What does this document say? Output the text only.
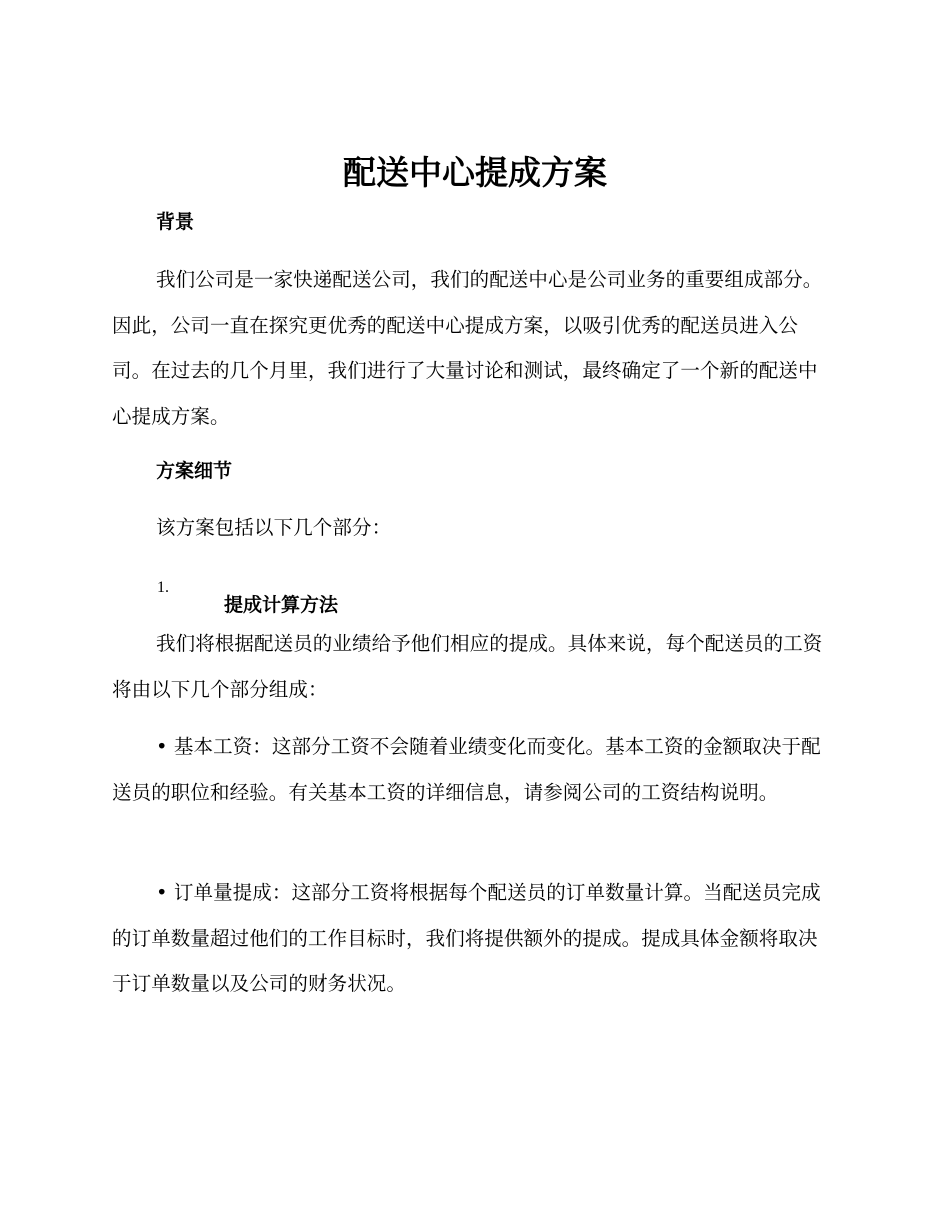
配送中心提成方案
背景

我们公司是一家快递配送公司，我们的配送中心是公司业务的重要组成部分。因此，公司一直在探究更优秀的配送中心提成方案，以吸引优秀的配送员进入公司。在过去的几个月里，我们进行了大量讨论和测试，最终确定了一个新的配送中心提成方案。

方案细节

该方案包括以下几个部分：

1.
提成计算方法

我们将根据配送员的业绩给予他们相应的提成。具体来说，每个配送员的工资将由以下几个部分组成：

• 基本工资：这部分工资不会随着业绩变化而变化。基本工资的金额取决于配送员的职位和经验。有关基本工资的详细信息，请参阅公司的工资结构说明。

• 订单量提成：这部分工资将根据每个配送员的订单数量计算。当配送员完成的订单数量超过他们的工作目标时，我们将提供额外的提成。提成具体金额将取决于订单数量以及公司的财务状况。
